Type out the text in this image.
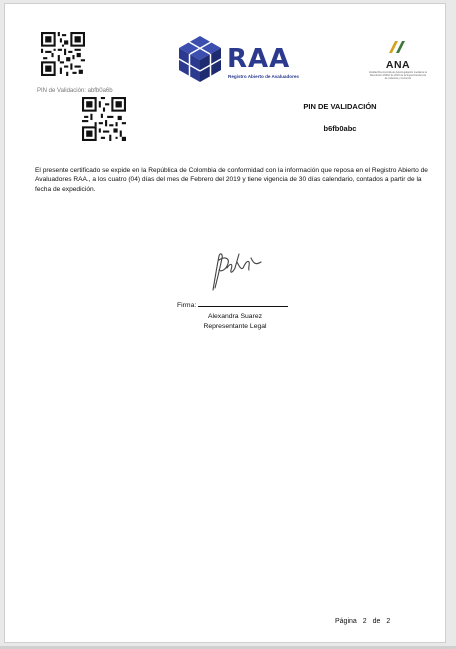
PIN de Validación: abfb0a6b
RAA
Registro Abierto de Avaluadores
ANA
Entidad Reconocida de Autorregulación mediante la Resolución 20910 de 2016 de la Superintendencia de Industria y Comercio
PIN DE VALIDACIÓN
b6fb0abc
El presente certificado se expide en la República de Colombia de conformidad con la información que reposa en el Registro Abierto de Avaluadores RAA., a los cuatro (04) días del mes de Febrero del 2019 y tiene vigencia de 30 días calendario, contados a partir de la fecha de expedición.
Firma:
Alexandra Suarez
Representante Legal
Página 2 de 2
